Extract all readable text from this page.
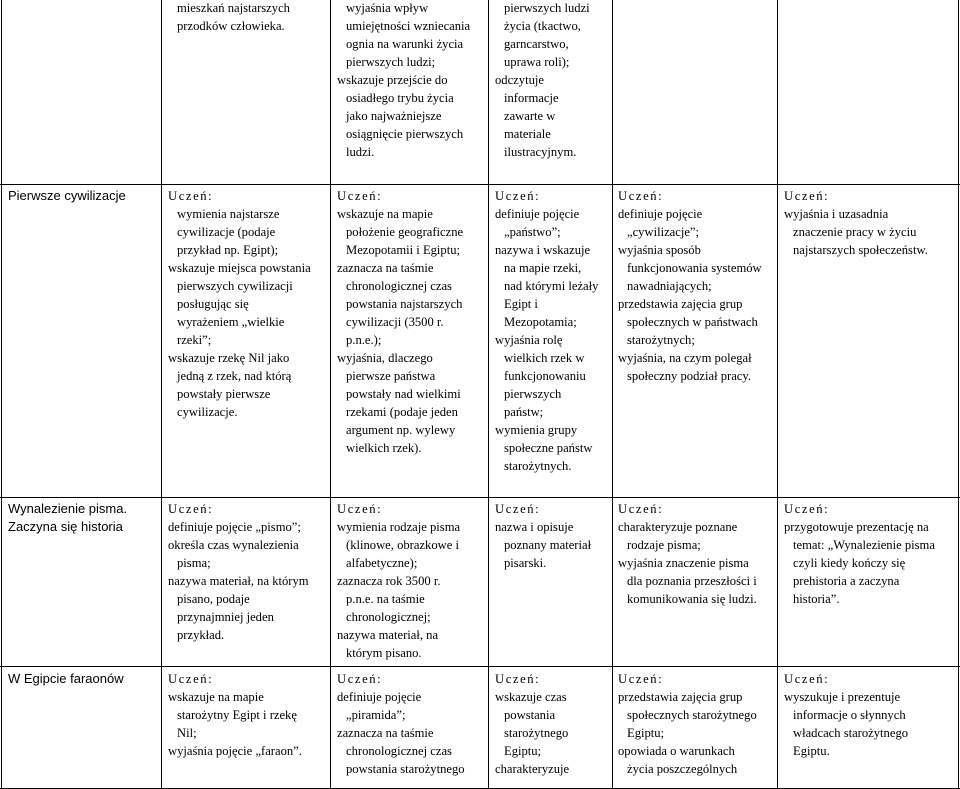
mieszkań najstarszych
przodków człowieka.
wyjaśnia wpływ
umiejętności wzniecania
ognia na warunki życia
pierwszych ludzi;
wskazuje przejście do
osiadłego trybu życia
jako najważniejsze
osiągnięcie pierwszych
ludzi.
pierwszych ludzi
życia (tkactwo,
garncarstwo,
uprawa roli);
odczytuje
informacje
zawarte w
materiale
ilustracyjnym.
Pierwsze cywilizacje	Uczeń:
wymienia najstarsze
cywilizacje (podaje
przykład np. Egipt);
wskazuje miejsca powstania
pierwszych cywilizacji
posługując się
wyrażeniem „wielkie
rzeki”;
wskazuje rzekę Nil jako
jedną z rzek, nad którą
powstały pierwsze
cywilizacje.
Uczeń:
wskazuje na mapie
położenie geograficzne
Mezopotamii i Egiptu;
zaznacza na taśmie
chronologicznej czas
powstania najstarszych
cywilizacji (3500 r.
p.n.e.);
wyjaśnia, dlaczego
pierwsze państwa
powstały nad wielkimi
rzekami (podaje jeden
argument np. wylewy
wielkich rzek).
Uczeń:
definiuje pojęcie
„państwo”;
nazywa i wskazuje
na mapie rzeki,
nad którymi leżały
Egipt i
Mezopotamia;
wyjaśnia rolę
wielkich rzek w
funkcjonowaniu
pierwszych
państw;
wymienia grupy
społeczne państw
starożytnych.
Uczeń:
definiuje pojęcie
„cywilizacje”;
wyjaśnia sposób
funkcjonowania systemów
nawadniających;
przedstawia zajęcia grup
społecznych w państwach
starożytnych;
wyjaśnia, na czym polegał
społeczny podział pracy.
Uczeń:
wyjaśnia i uzasadnia
znaczenie pracy w życiu
najstarszych społeczeństw.
Wynalezienie pisma.
Zaczyna się historia
Uczeń:
definiuje pojęcie „pismo”;
określa czas wynalezienia
pisma;
nazywa materiał, na którym
pisano, podaje
przynajmniej jeden
przykład.
Uczeń:
wymienia rodzaje pisma
(klinowe, obrazkowe i
alfabetyczne);
zaznacza rok 3500 r.
p.n.e. na taśmie
chronologicznej;
nazywa materiał, na
którym pisano.
Uczeń:
nazwa i opisuje
poznany materiał
pisarski.
Uczeń:
charakteryzuje poznane
rodzaje pisma;
wyjaśnia znaczenie pisma
dla poznania przeszłości i
komunikowania się ludzi.
Uczeń:
przygotowuje prezentację na
temat: „Wynalezienie pisma
czyli kiedy kończy się
prehistoria a zaczyna
historia”.
W Egipcie faraonów	Uczeń:
wskazuje na mapie
starożytny Egipt i rzekę
Nil;
wyjaśnia pojęcie „faraon”.
Uczeń:
definiuje pojęcie
„piramida”;
zaznacza na taśmie
chronologicznej czas
powstania starożytnego
Uczeń:
wskazuje czas
powstania
starożytnego
Egiptu;
charakteryzuje
Uczeń:
przedstawia zajęcia grup
społecznych starożytnego
Egiptu;
opowiada o warunkach
życia poszczególnych
Uczeń:
wyszukuje i prezentuje
informacje o słynnych
władcach starożytnego
Egiptu.
